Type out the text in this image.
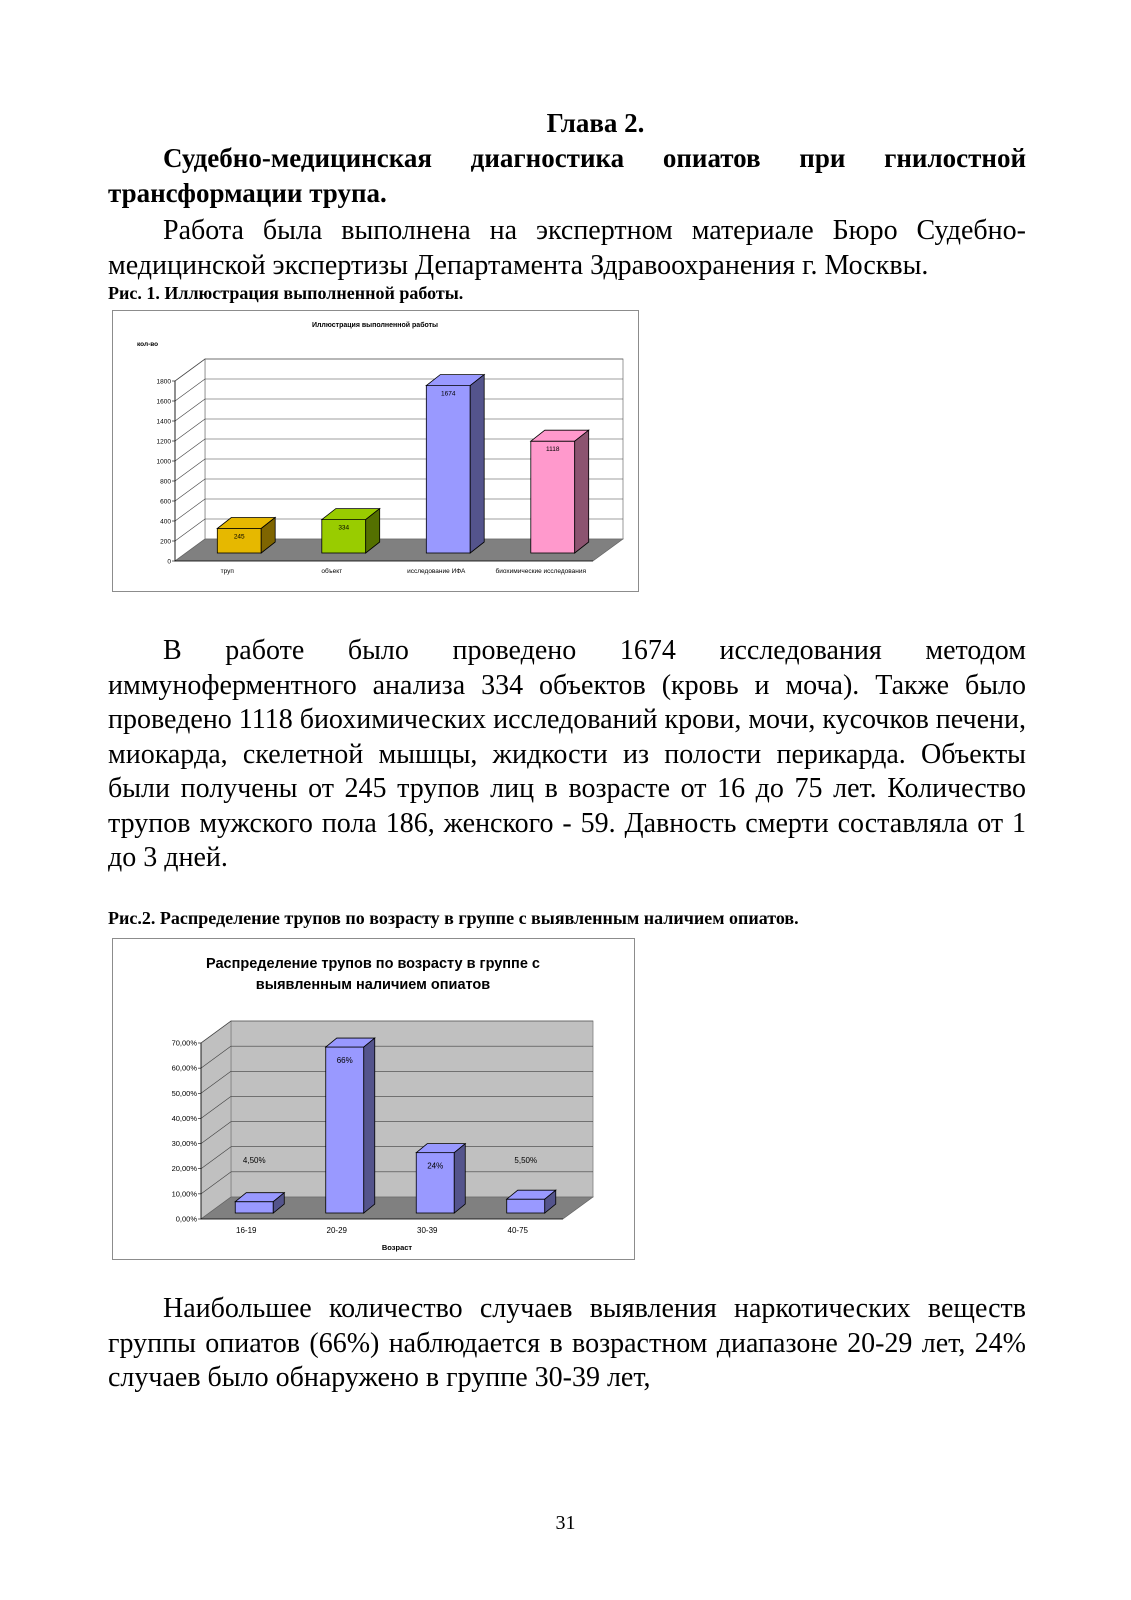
Глава 2.
Судебно-медицинская диагностика опиатов при гнилостной трансформации трупа.
Работа была выполнена на экспертном материале Бюро Судебно-медицинской экспертизы Департамента Здравоохранения г. Москвы.
Рис. 1. Иллюстрация выполненной работы.
Иллюстрация выполненной работы
кол-во
0
200
400
600
800
1000
1200
1400
1600
1800
245
труп
334
объект
1674
исследование ИФА
1118
биохимические исследования
В работе было проведено 1674 исследования методом иммуноферментного анализа 334 объектов (кровь и моча). Также было проведено 1118 биохимических исследований крови, мочи, кусочков печени, миокарда, скелетной мышцы, жидкости из полости перикарда. Объекты были получены от 245 трупов лиц в возрасте от 16 до 75 лет. Количество трупов мужского пола 186, женского - 59. Давность смерти составляла от 1 до 3 дней.
Рис.2. Распределение трупов по возрасту в группе с выявленным наличием опиатов.
Распределение трупов по возрасту в группе с
выявленным наличием опиатов
Возраст
0,00%
10,00%
20,00%
30,00%
40,00%
50,00%
60,00%
70,00%
4,50%
16-19
66%
20-29
24%
30-39
5,50%
40-75
Наибольшее количество случаев выявления наркотических веществ группы опиатов (66%) наблюдается в возрастном диапазоне 20-29 лет, 24% случаев было обнаружено в группе 30-39 лет,
31
